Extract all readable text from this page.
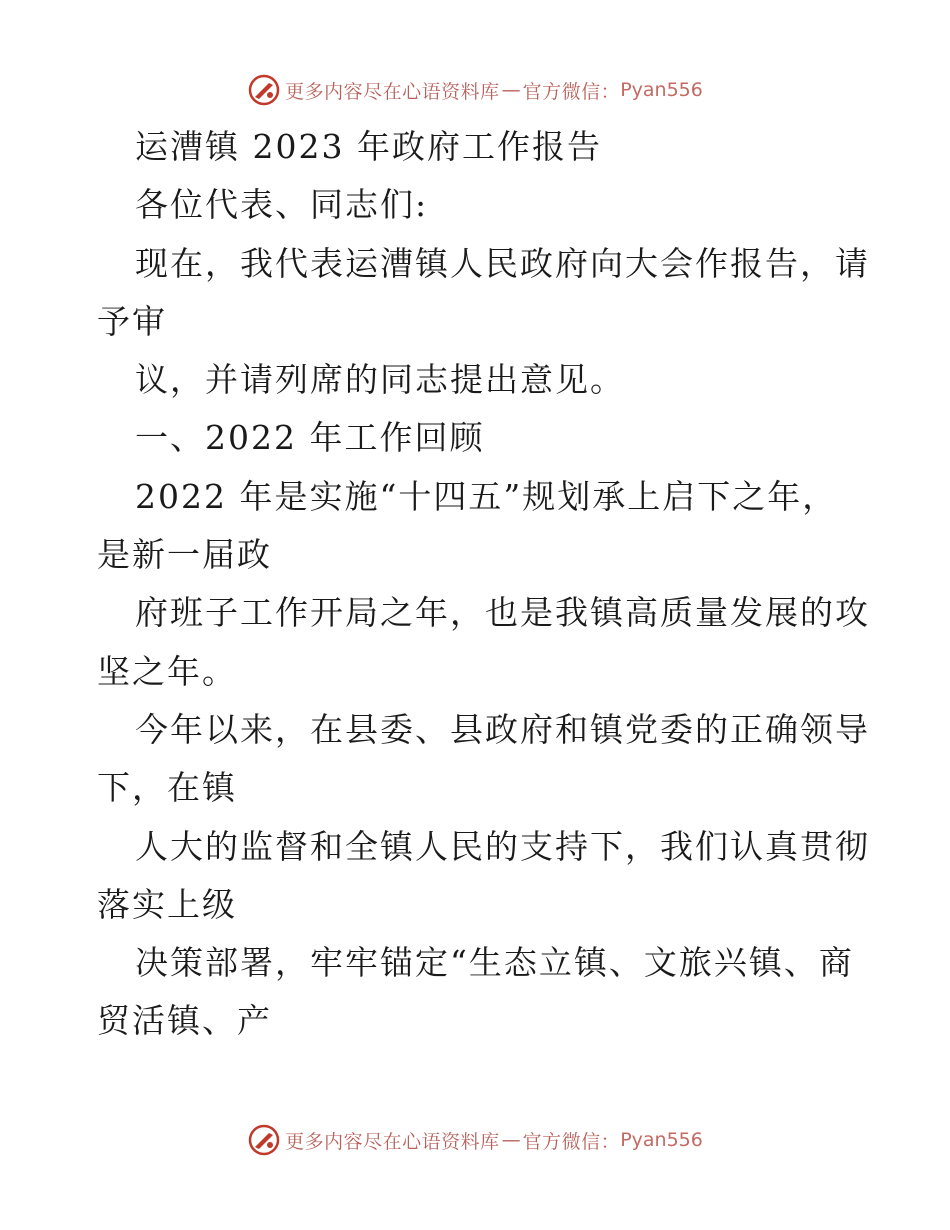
更多内容尽在心语资料库 — 官方微信： Pyan556

运漕镇 2023 年政府工作报告

各位代表、同志们:

现在，我代表运漕镇人民政府向大会作报告，请

予审

议，并请列席的同志提出意见。

一、2022 年工作回顾

2022 年是实施“十四五”规划承上启下之年，

是新一届政

府班子工作开局之年，也是我镇高质量发展的攻

坚之年。

今年以来，在县委、县政府和镇党委的正确领导

下，在镇

人大的监督和全镇人民的支持下，我们认真贯彻

落实上级

决策部署，牢牢锚定“生态立镇、文旅兴镇、商

贸活镇、产

更多内容尽在心语资料库 — 官方微信： Pyan556
